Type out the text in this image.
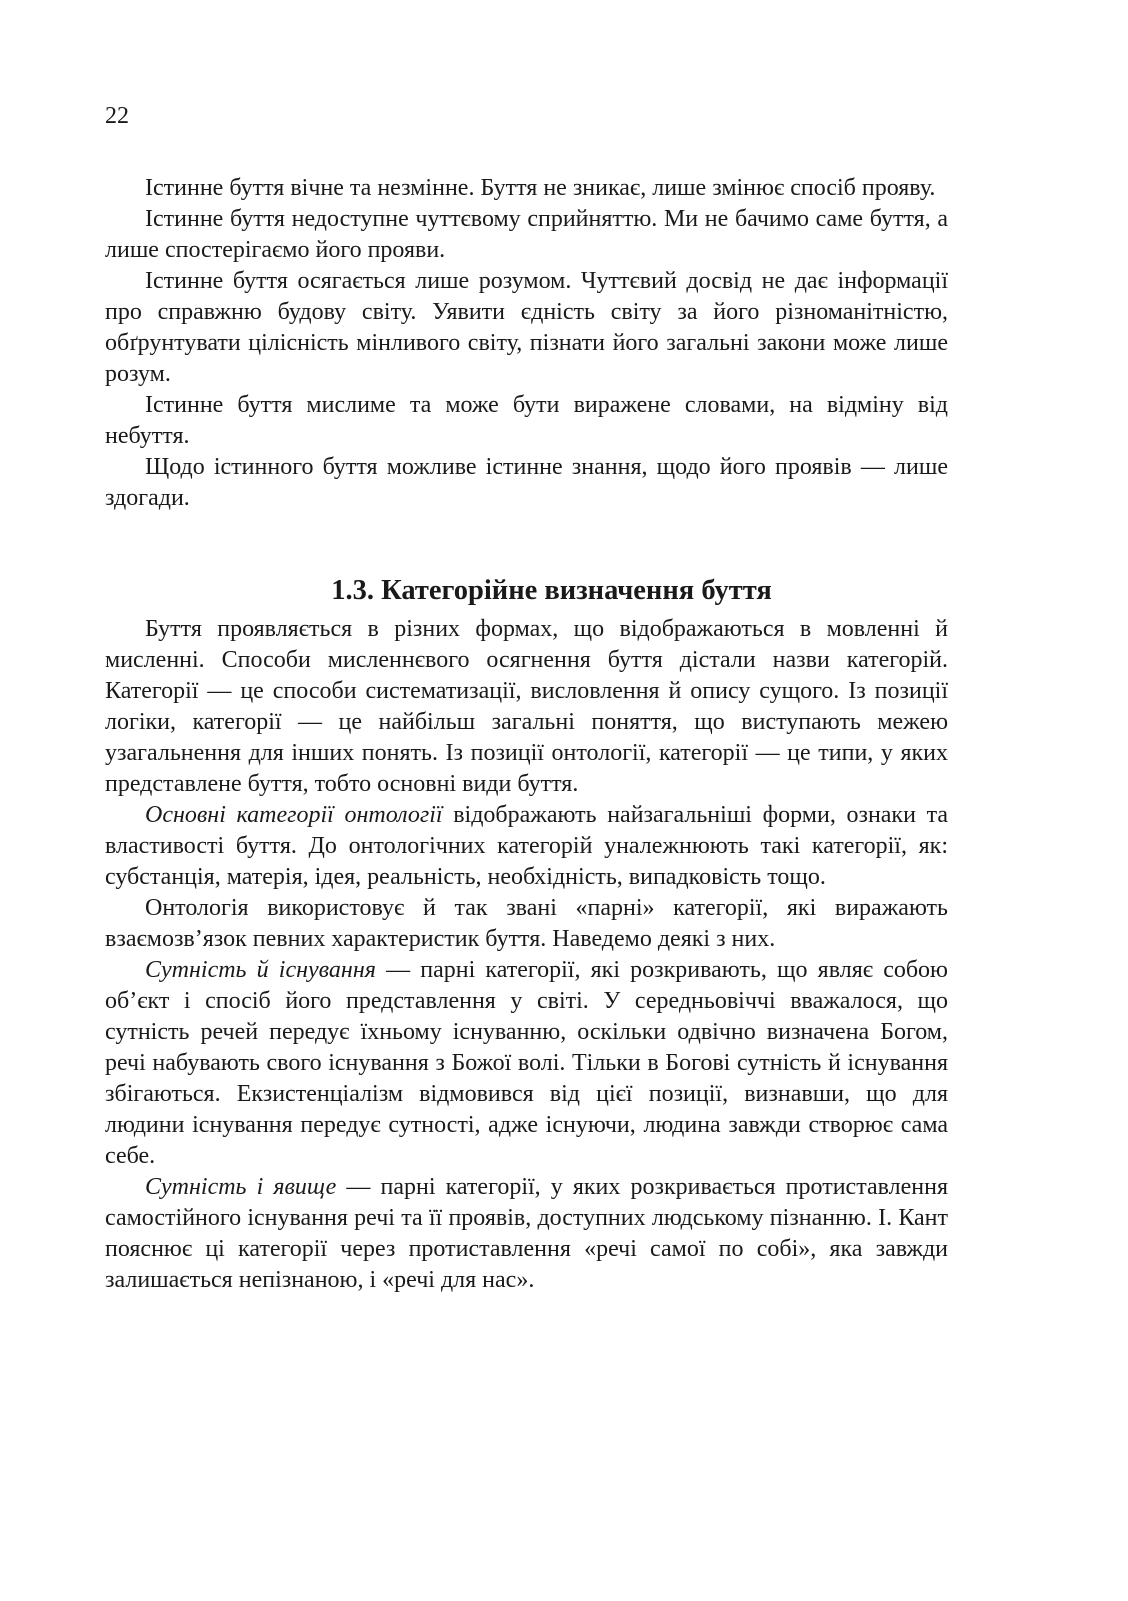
22

Істинне буття вічне та незмінне. Буття не зникає, лише змінює спосіб прояву.

Істинне буття недоступне чуттєвому сприйняттю. Ми не бачимо саме буття, а лише спостерігаємо його прояви.

Істинне буття осягається лише розумом. Чуттєвий досвід не дає інформації про справжню будову світу. Уявити єдність світу за його різноманітністю, обґрунтувати цілісність мінливого світу, пізнати його загальні закони може лише розум.

Істинне буття мислиме та може бути виражене словами, на відміну від небуття.

Щодо істинного буття можливе істинне знання, щодо його проявів — лише здогади.

1.3. Категорійне визначення буття

Буття проявляється в різних формах, що відображаються в мовленні й мисленні. Способи мисленнєвого осягнення буття дістали назви категорій. Категорії — це способи систематизації, висловлення й опису сущого. Із позиції логіки, категорії — це найбільш загальні поняття, що виступають межею узагальнення для інших понять. Із позиції онтології, категорії — це типи, у яких представлене буття, тобто основні види буття.

Основні категорії онтології відображають найзагальніші форми, ознаки та властивості буття. До онтологічних категорій уналежнюють такі категорії, як: субстанція, матерія, ідея, реальність, необхідність, випадковість тощо.

Онтологія використовує й так звані «парні» категорії, які виражають взаємозв’язок певних характеристик буття. Наведемо деякі з них.

Сутність й існування — парні категорії, які розкривають, що являє собою об’єкт і спосіб його представлення у світі. У середньовіччі вважалося, що сутність речей передує їхньому існуванню, оскільки одвічно визначена Богом, речі набувають свого існування з Божої волі. Тільки в Богові сутність й існування збігаються. Екзистенціалізм відмовився від цієї позиції, визнавши, що для людини існування передує сутності, адже існуючи, людина завжди створює сама себе.

Сутність і явище — парні категорії, у яких розкривається протиставлення самостійного існування речі та її проявів, доступних людському пізнанню. І. Кант пояснює ці категорії через протиставлення «речі самої по собі», яка завжди залишається непізнаною, і «речі для нас».
